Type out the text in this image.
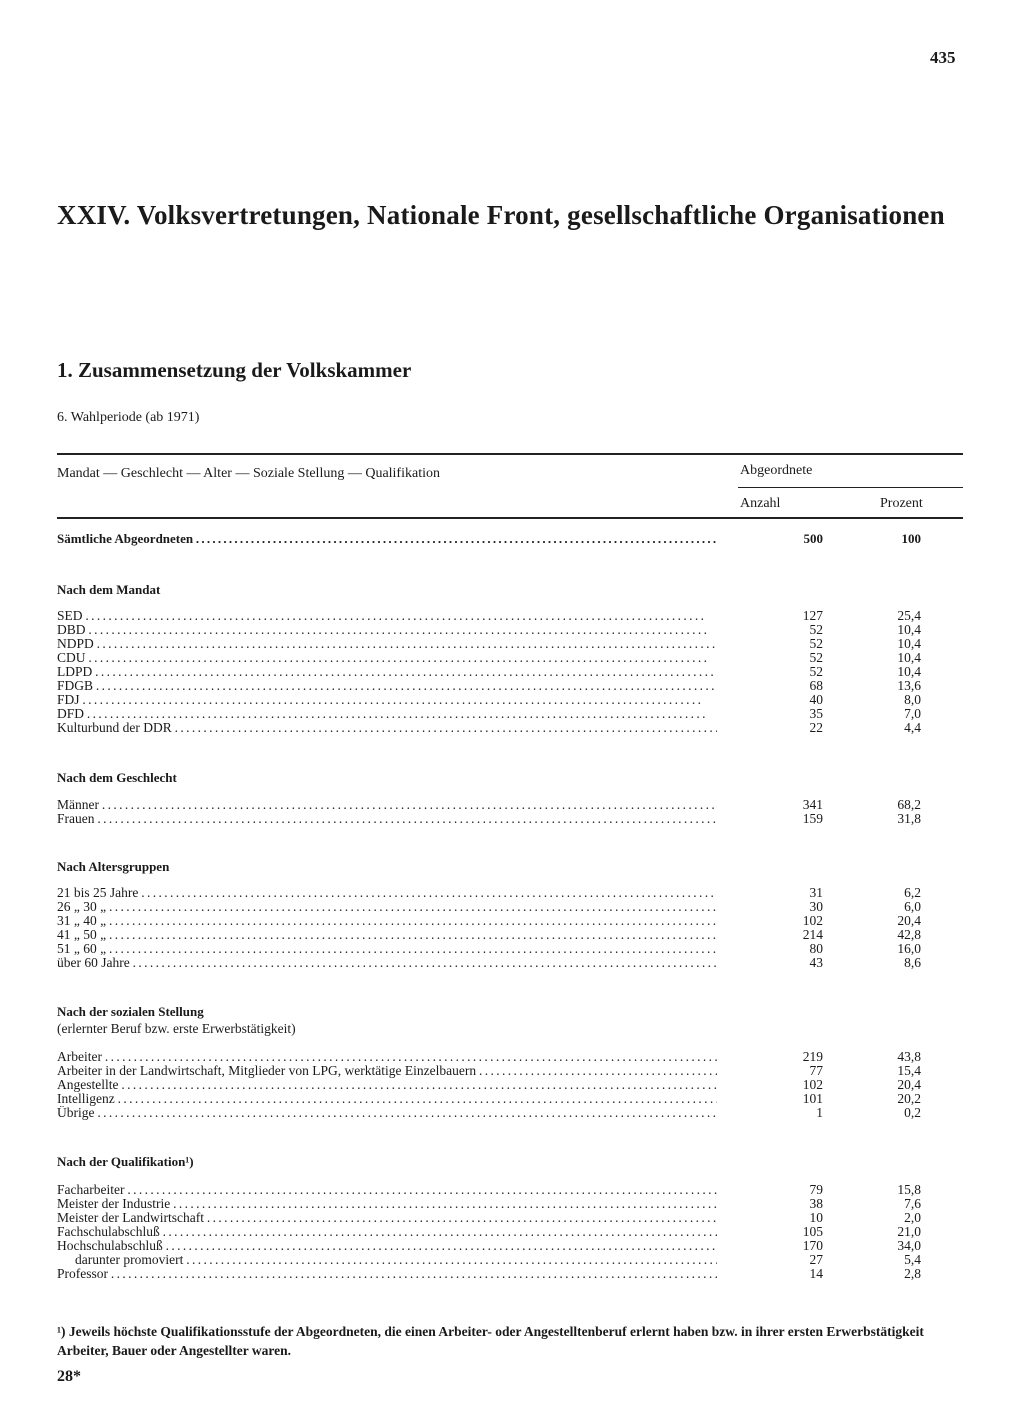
435
XXIV. Volksvertretungen, Nationale Front, gesellschaftliche Organisationen
1. Zusammensetzung der Volkskammer
6. Wahlperiode (ab 1971)
Mandat — Geschlecht — Alter — Soziale Stellung — Qualifikation	Abgeordnete
Anzahl	Prozent
Sämtliche Abgeordneten . . .	500	100
Nach dem Mandat
SED . . .	127	25,4
DBD . . .	52	10,4
NDPD . . .	52	10,4
CDU . . .	52	10,4
LDPD . . .	52	10,4
FDGB . . .	68	13,6
FDJ . . .	40	8,0
DFD . . .	35	7,0
Kulturbund der DDR . . .	22	4,4
Nach dem Geschlecht
Männer . . .	341	68,2
Frauen . . .	159	31,8
Nach Altersgruppen
21 bis 25 Jahre . . .	31	6,2
26 „ 30 „ . . .	30	6,0
31 „ 40 „ . . .	102	20,4
41 „ 50 „ . . .	214	42,8
51 „ 60 „ . . .	80	16,0
über 60 Jahre . . .	43	8,6
Nach der sozialen Stellung
(erlernter Beruf bzw. erste Erwerbstätigkeit)
Arbeiter . . .	219	43,8
Arbeiter in der Landwirtschaft, Mitglieder von LPG, werktätige Einzelbauern . . .	77	15,4
Angestellte . . .	102	20,4
Intelligenz . . .	101	20,2
Übrige . . .	1	0,2
Nach der Qualifikation¹)
Facharbeiter . . .	79	15,8
Meister der Industrie . . .	38	7,6
Meister der Landwirtschaft . . .	10	2,0
Fachschulabschluß . . .	105	21,0
Hochschulabschluß . . .	170	34,0
darunter promoviert . . .	27	5,4
Professor . . .	14	2,8
¹) Jeweils höchste Qualifikationsstufe der Abgeordneten, die einen Arbeiter- oder Angestelltenberuf erlernt haben bzw. in ihrer ersten Erwerbstätigkeit Arbeiter, Bauer oder Angestellter waren.
28*
